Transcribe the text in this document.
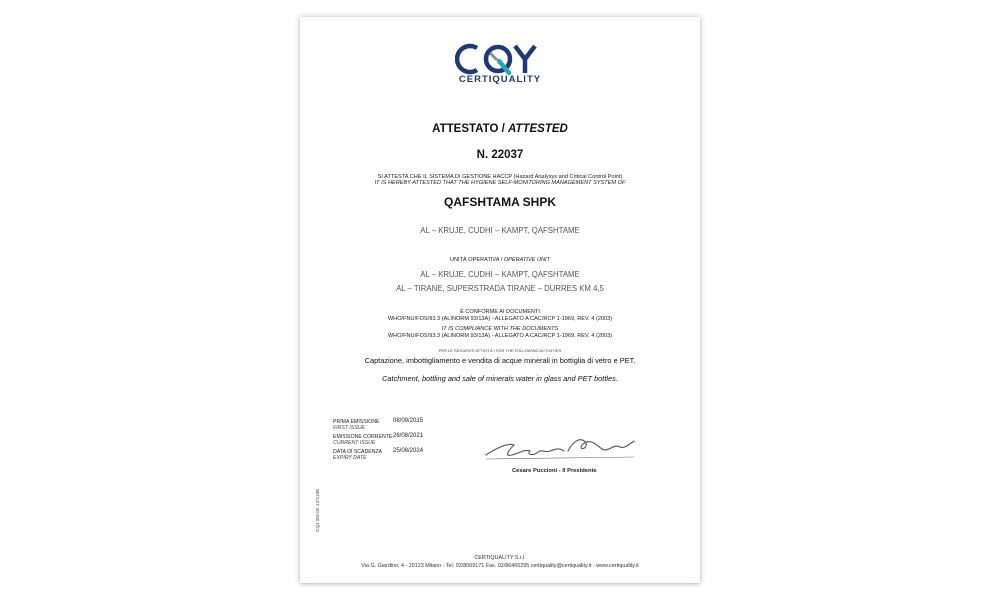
CERTIQUALITY
ATTESTATO / ATTESTED
N. 22037
SI ATTESTA CHE IL SISTEMA DI GESTIONE HACCP (Hazard Analysys and Critical Control Point)
IT IS HEREBY ATTESTED THAT THE HYGIENE SELF-MONITORING MANAGEMENT SYSTEM OF
QAFSHTAMA SHPK
AL – KRUJE, CUDHI – KAMPT, QAFSHTAME
UNITÀ OPERATIVA / OPERATIVE UNIT
AL – KRUJE, CUDHI – KAMPT, QAFSHTAME
AL – TIRANE, SUPERSTRADA TIRANE – DURRES KM 4,5
È CONFORME AI DOCUMENTI
WHO/FNU/FOS/93.3 (ALINORM 93/13A) - ALLEGATO A CAC/RCP 1-1969, REV. 4 (2003)
IT IS COMPLIANCE WITH THE DOCUMENTS
WHO/FNU/FOS/93.3 (ALINORM 93/13A) - ALLEGATO A CAC/RCP 1-1969, REV. 4 (2003)
PER LE SEGUENTI ATTIVITÀ / FOR THE FOLLOWING ACTIVITIES
Captazione, imbottigliamento e vendita di acque minerali in bottiglia di vetro e PET.
Catchment, bottling and sale of minerals water in glass and PET bottles.
PRIMA EMISSIONE 08/09/2015
FIRST ISSUE
EMISSIONE CORRENTE 26/08/2021
CURRENT ISSUE
DATA DI SCADENZA 25/08/2024
EXPIRY DATE
Cesare Puccioni - Il Presidente
CQ1 ED.02 12/1108
CERTIQUALITY S.r.l.
Via G. Giardino, 4 - 20123 Milano - Tel. 02/8069171 Fax. 02/86465295 certiquality@certiquality.it - www.certiquality.it
